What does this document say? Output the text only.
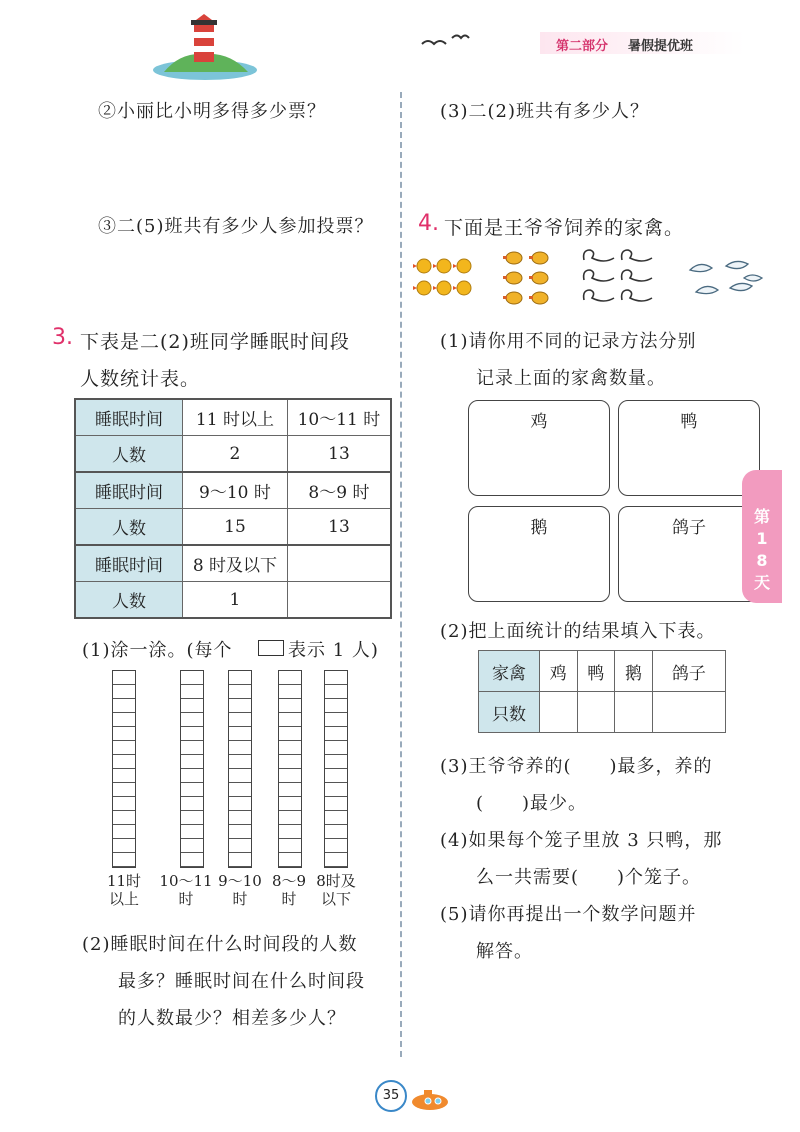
第二部分 暑假提优班
②小丽比小明多得多少票？
③二(5)班共有多少人参加投票？
3. 下表是二(2)班同学睡眠时间段
人数统计表。
睡眠时间	11 时以上	10～11 时
人数	2	13
睡眠时间	9～10 时	8～9 时
人数	15	13
睡眠时间	8 时及以下	
人数	1	
(1)涂一涂。(每个	表示 1 人)
11时
以上
10～11
时
9～10
时
8～9
时
8时及
以下
(2)睡眠时间在什么时间段的人数
最多？睡眠时间在什么时间段
的人数最少？相差多少人？
(3)二(2)班共有多少人？
4. 下面是王爷爷饲养的家禽。
(1)请你用不同的记录方法分别
记录上面的家禽数量。
鸡	鸭
鹅	鸽子
(2)把上面统计的结果填入下表。
家禽	鸡	鸭	鹅	鸽子
只数				
(3)王爷爷养的(　　)最多，养的
(　　)最少。
(4)如果每个笼子里放 3 只鸭，那
么一共需要(　　)个笼子。
(5)请你再提出一个数学问题并
解答。
第18天
35
